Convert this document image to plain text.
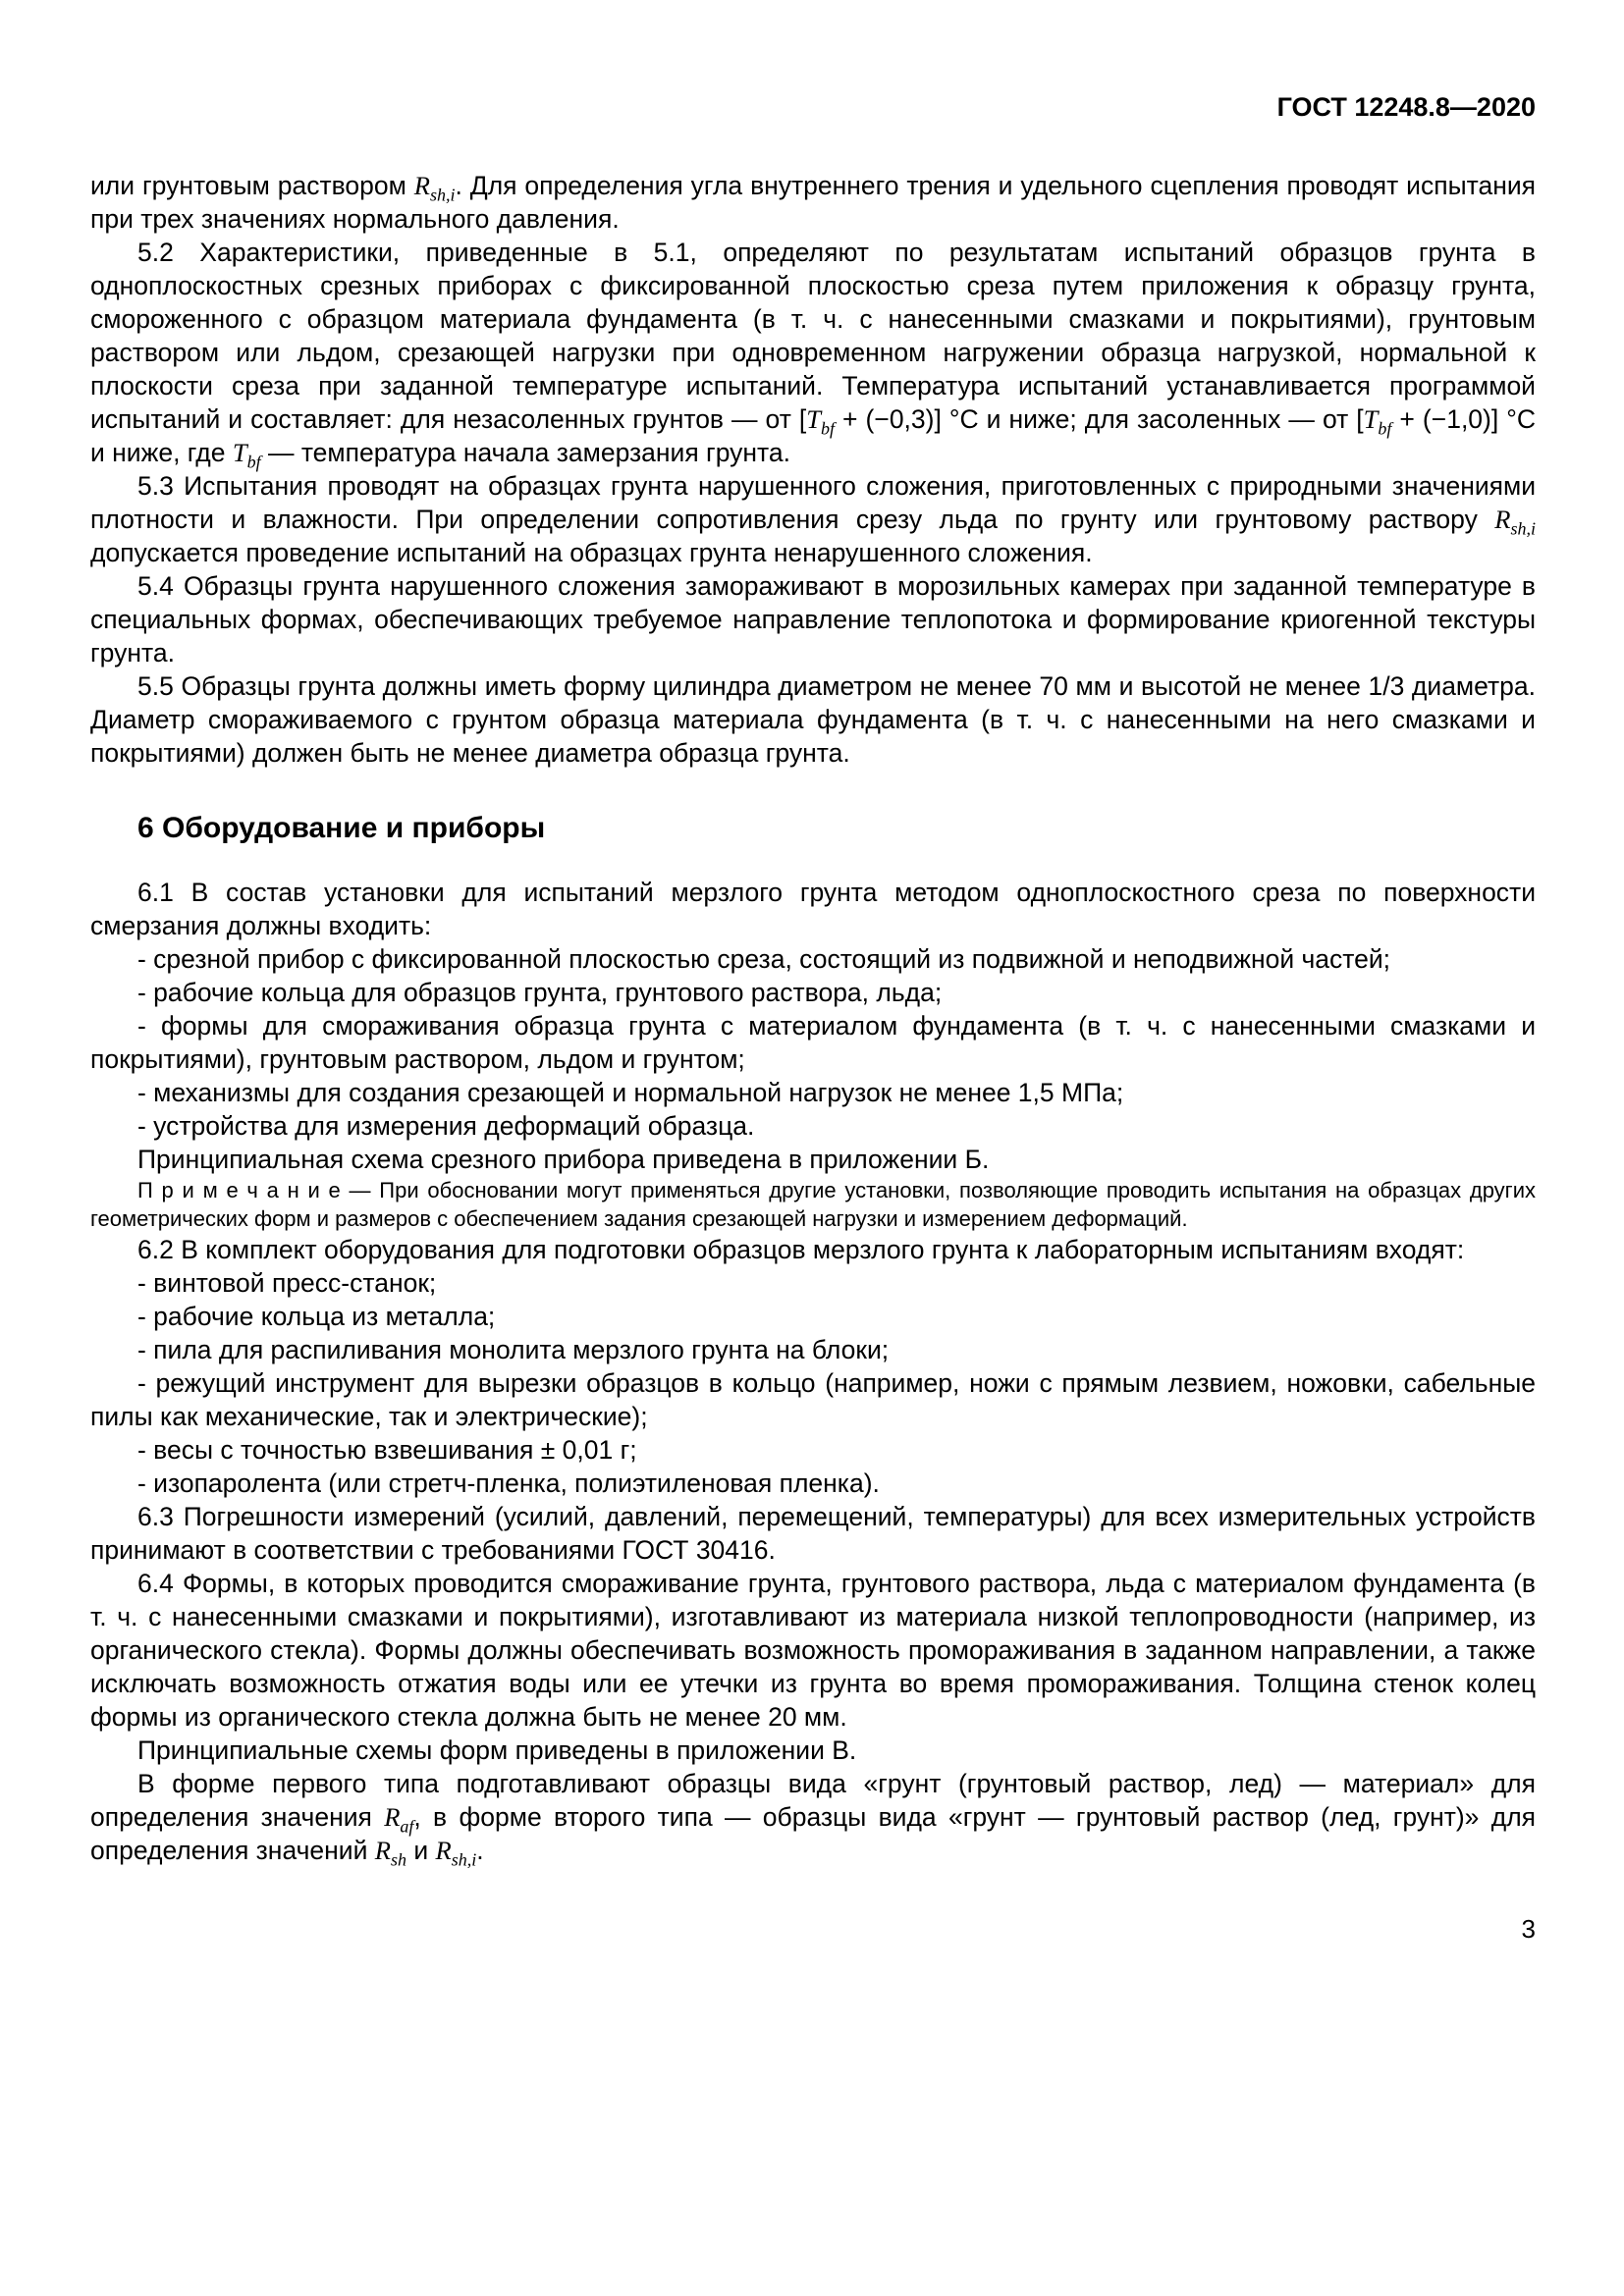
ГОСТ 12248.8—2020

или грунтовым раствором $R_{sh,i}$. Для определения угла внутреннего трения и удельного сцепления проводят испытания при трех значениях нормального давления.

5.2 Характеристики, приведенные в 5.1, определяют по результатам испытаний образцов грунта в одноплоскостных срезных приборах с фиксированной плоскостью среза путем приложения к образцу грунта, смороженного с образцом материала фундамента (в т. ч. с нанесенными смазками и покрытиями), грунтовым раствором или льдом, срезающей нагрузки при одновременном нагружении образца нагрузкой, нормальной к плоскости среза при заданной температуре испытаний. Температура испытаний устанавливается программой испытаний и составляет: для незасоленных грунтов — от $[T_{bf} + (-0,3)]$ °С и ниже; для засоленных — от $[T_{bf} + (-1,0)]$ °С и ниже, где $T_{bf}$ — температура начала замерзания грунта.

5.3 Испытания проводят на образцах грунта нарушенного сложения, приготовленных с природными значениями плотности и влажности. При определении сопротивления срезу льда по грунту или грунтовому раствору $R_{sh,i}$ допускается проведение испытаний на образцах грунта ненарушенного сложения.

5.4 Образцы грунта нарушенного сложения замораживают в морозильных камерах при заданной температуре в специальных формах, обеспечивающих требуемое направление теплопотока и формирование криогенной текстуры грунта.

5.5 Образцы грунта должны иметь форму цилиндра диаметром не менее 70 мм и высотой не менее 1/3 диаметра. Диаметр смораживаемого с грунтом образца материала фундамента (в т. ч. с нанесенными на него смазками и покрытиями) должен быть не менее диаметра образца грунта.

6 Оборудование и приборы

6.1 В состав установки для испытаний мерзлого грунта методом одноплоскостного среза по поверхности смерзания должны входить:

- срезной прибор с фиксированной плоскостью среза, состоящий из подвижной и неподвижной частей;

- рабочие кольца для образцов грунта, грунтового раствора, льда;

- формы для смораживания образца грунта с материалом фундамента (в т. ч. с нанесенными смазками и покрытиями), грунтовым раствором, льдом и грунтом;

- механизмы для создания срезающей и нормальной нагрузок не менее 1,5 МПа;

- устройства для измерения деформаций образца.

Принципиальная схема срезного прибора приведена в приложении Б.

П р и м е ч а н и е — При обосновании могут применяться другие установки, позволяющие проводить испытания на образцах других геометрических форм и размеров с обеспечением задания срезающей нагрузки и измерением деформаций.

6.2 В комплект оборудования для подготовки образцов мерзлого грунта к лабораторным испытаниям входят:

- винтовой пресс-станок;

- рабочие кольца из металла;

- пила для распиливания монолита мерзлого грунта на блоки;

- режущий инструмент для вырезки образцов в кольцо (например, ножи с прямым лезвием, ножовки, сабельные пилы как механические, так и электрические);

- весы с точностью взвешивания ± 0,01 г;

- изопаролента (или стретч-пленка, полиэтиленовая пленка).

6.3 Погрешности измерений (усилий, давлений, перемещений, температуры) для всех измерительных устройств принимают в соответствии с требованиями ГОСТ 30416.

6.4 Формы, в которых проводится смораживание грунта, грунтового раствора, льда с материалом фундамента (в т. ч. с нанесенными смазками и покрытиями), изготавливают из материала низкой теплопроводности (например, из органического стекла). Формы должны обеспечивать возможность промораживания в заданном направлении, а также исключать возможность отжатия воды или ее утечки из грунта во время промораживания. Толщина стенок колец формы из органического стекла должна быть не менее 20 мм.

Принципиальные схемы форм приведены в приложении В.

В форме первого типа подготавливают образцы вида «грунт (грунтовый раствор, лед) — материал» для определения значения $R_{af}$, в форме второго типа — образцы вида «грунт — грунтовый раствор (лед, грунт)» для определения значений $R_{sh}$ и $R_{sh,i}$.

3
